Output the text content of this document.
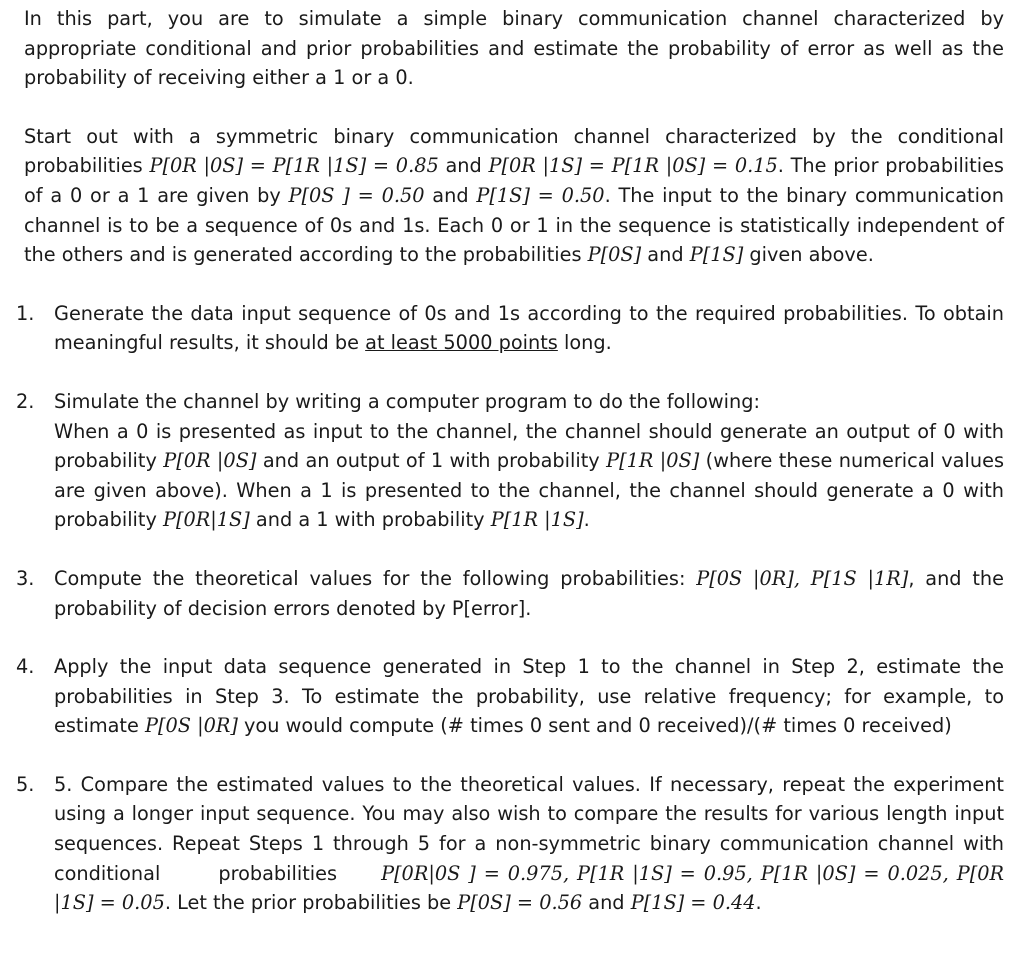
In this part, you are to simulate a simple binary communication channel characterized by appropriate conditional and prior probabilities and estimate the probability of error as well as the probability of receiving either a 1 or a 0.

Start out with a symmetric binary communication channel characterized by the conditional probabilities P[0R |0S] = P[1R |1S] = 0.85 and P[0R |1S] = P[1R |0S] = 0.15. The prior probabilities of a 0 or a 1 are given by P[0S ] = 0.50 and P[1S] = 0.50. The input to the binary communication channel is to be a sequence of 0s and 1s. Each 0 or 1 in the sequence is statistically independent of the others and is generated according to the probabilities P[0S] and P[1S] given above.

1. Generate the data input sequence of 0s and 1s according to the required probabilities. To obtain meaningful results, it should be at least 5000 points long.
2. Simulate the channel by writing a computer program to do the following:
When a 0 is presented as input to the channel, the channel should generate an output of 0 with probability P[0R |0S] and an output of 1 with probability P[1R |0S] (where these numerical values are given above). When a 1 is presented to the channel, the channel should generate a 0 with probability P[0R|1S] and a 1 with probability P[1R |1S].
3. Compute the theoretical values for the following probabilities: P[0S |0R], P[1S |1R], and the probability of decision errors denoted by P[error].
4. Apply the input data sequence generated in Step 1 to the channel in Step 2, estimate the probabilities in Step 3. To estimate the probability, use relative frequency; for example, to estimate P[0S |0R] you would compute (# times 0 sent and 0 received)/(# times 0 received)
5. 5. Compare the estimated values to the theoretical values. If necessary, repeat the experiment using a longer input sequence. You may also wish to compare the results for various length input sequences. Repeat Steps 1 through 5 for a non-symmetric binary communication channel with conditional	probabilities P[0R|0S ] = 0.975, P[1R |1S] = 0.95, P[1R |0S] = 0.025, P[0R |1S] = 0.05. Let the prior probabilities be P[0S] = 0.56 and P[1S] = 0.44.
